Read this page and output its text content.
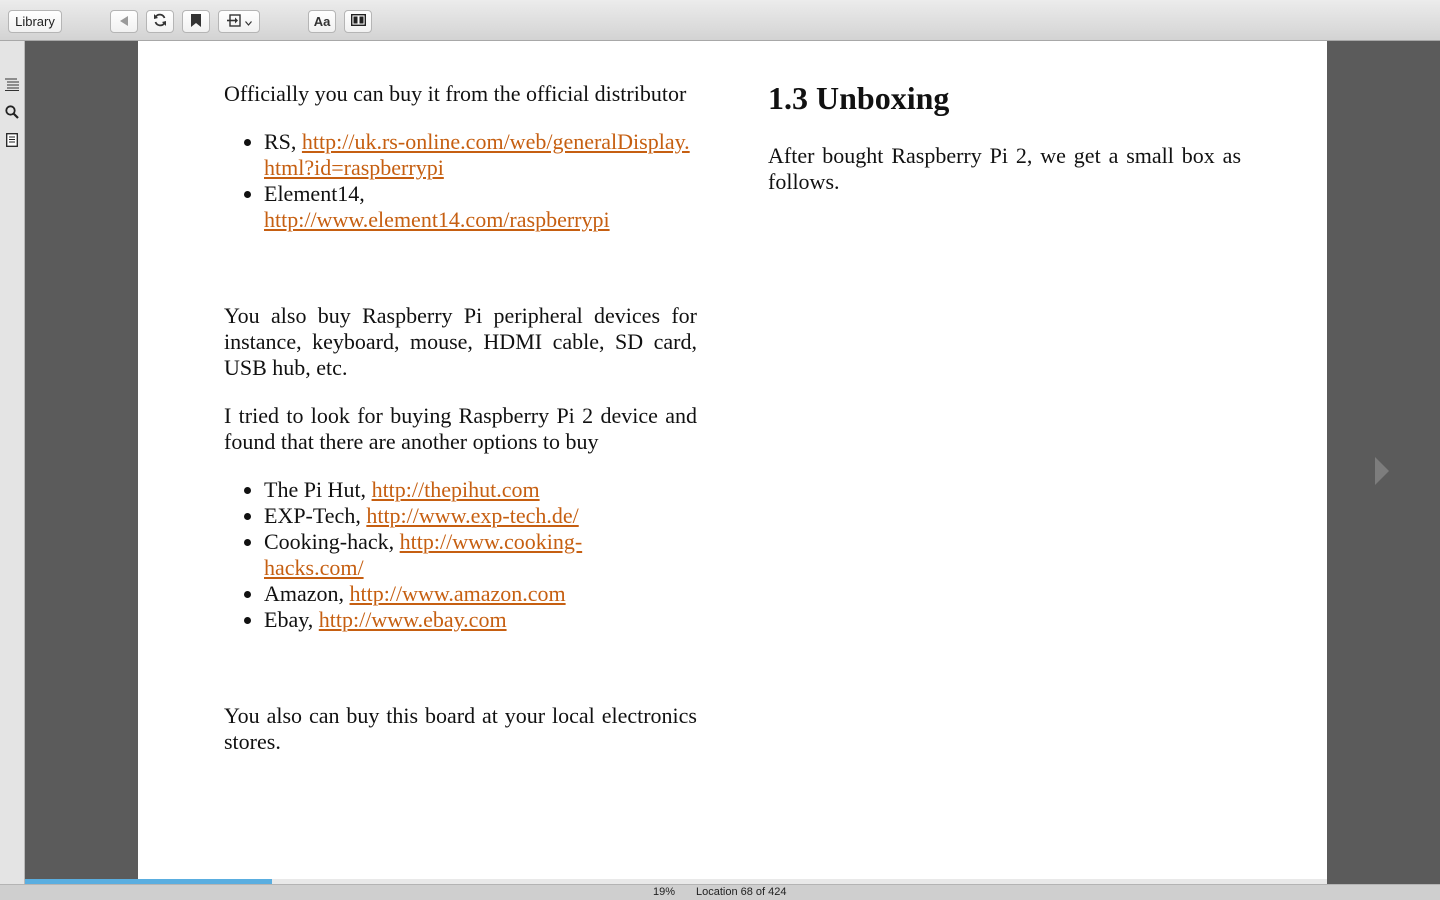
Library	Aa

Officially you can buy it from the official distributor

• RS, http://uk.rs-online.com/web/generalDisplay.html?id=raspberrypi
• Element14, http://www.element14.com/raspberrypi

You also buy Raspberry Pi peripheral devices for instance, keyboard, mouse, HDMI cable, SD card, USB hub, etc.

I tried to look for buying Raspberry Pi 2 device and found that there are another options to buy

• The Pi Hut, http://thepihut.com
• EXP-Tech, http://www.exp-tech.de/
• Cooking-hack, http://www.cooking-hacks.com/
• Amazon, http://www.amazon.com
• Ebay, http://www.ebay.com

You also can buy this board at your local electronics stores.

1.3 Unboxing

After bought Raspberry Pi 2, we get a small box as follows.

19% Location 68 of 424
